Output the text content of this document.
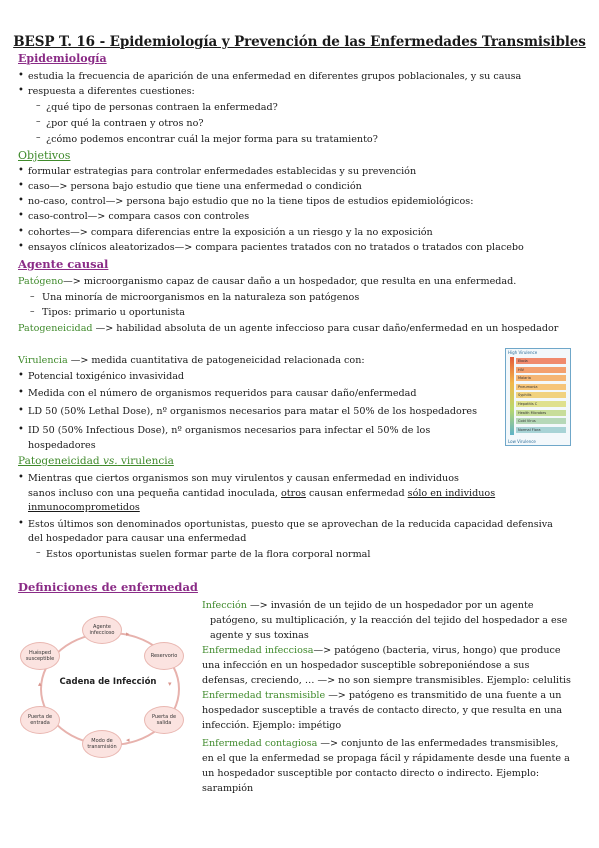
BESP T. 16 - Epidemiología y Prevención de las Enfermedades Transmisibles
Epidemiología
• estudia la frecuencia de aparición de una enfermedad en diferentes grupos poblacionales, y su causa
• respuesta a diferentes cuestiones:
– ¿qué tipo de personas contraen la enfermedad?
– ¿por qué la contraen y otros no?
– ¿cómo podemos encontrar cuál la mejor forma para su tratamiento?
Objetivos
• formular estrategias para controlar enfermedades establecidas y su prevención
• caso—> persona bajo estudio que tiene una enfermedad o condición
• no-caso, control—> persona bajo estudio que no la tiene tipos de estudios epidemiológicos:
• caso-control—> compara casos con controles
• cohortes—> compara diferencias entre la exposición a un riesgo y la no exposición
• ensayos clínicos aleatorizados—> compara pacientes tratados con no tratados o tratados con placebo
Agente causal
Patógeno—> microorganismo capaz de causar daño a un hospedador, que resulta en una enfermedad.
– Una minoría de microorganismos en la naturaleza son patógenos
– Tipos: primario u oportunista
Patogeneicidad —> habilidad absoluta de un agente infeccioso para cusar daño/enfermedad en un hospedador
Virulencia —> medida cuantitativa de patogeneicidad relacionada con:
• Potencial toxigénico invasividad
• Medida con el número de organismos requeridos para causar daño/enfermedad
• LD 50 (50% Lethal Dose), nº organismos necesarios para matar el 50% de los hospedadores
• ID 50 (50% Infectious Dose), nº organismos necesarios para infectar el 50% de los
hospedadores
High Virulence
Ebola
HIV
Malaria
Pneumonia
Syphilis
Hepatitis C
Health Microbes
Cold Virus
Normal Flora
Low Virulence
Patogeneicidad vs. virulencia
• Mientras que ciertos organismos son muy virulentos y causan enfermedad en individuos
sanos incluso con una pequeña cantidad inoculada, otros causan enfermedad sólo en individuos
inmunocomprometidos
• Estos últimos son denominados oportunistas, puesto que se aprovechan de la reducida capacidad defensiva
del hospedador para causar una enfermedad
– Estos oportunistas suelen formar parte de la flora corporal normal
Definiciones de enfermedad
Infección —> invasión de un tejido de un hospedador por un agente
patógeno, su multiplicación, y la reacción del tejido del hospedador a ese
agente y sus toxinas
Enfermedad infecciosa—> patógeno (bacteria, virus, hongo) que produce
una infección en un hospedador susceptible sobreponiéndose a sus
defensas, creciendo, … —> no son siempre transmisibles. Ejemplo: celulitis
Enfermedad transmisible —> patógeno es transmitido de una fuente a un
hospedador susceptible a través de contacto directo, y que resulta en una
infección. Ejemplo: impétigo
Enfermedad contagiosa —> conjunto de las enfermedades transmisibles,
en el que la enfermedad se propaga fácil y rápidamente desde una fuente a
un hospedador susceptible por contacto directo o indirecto. Ejemplo:
sarampión
Cadena de Infección
Agente infeccioso
Reservorio
Puerta de salida
Modo de transmisión
Puerta de entrada
Huésped susceptible
▸
▾
◂
▴
